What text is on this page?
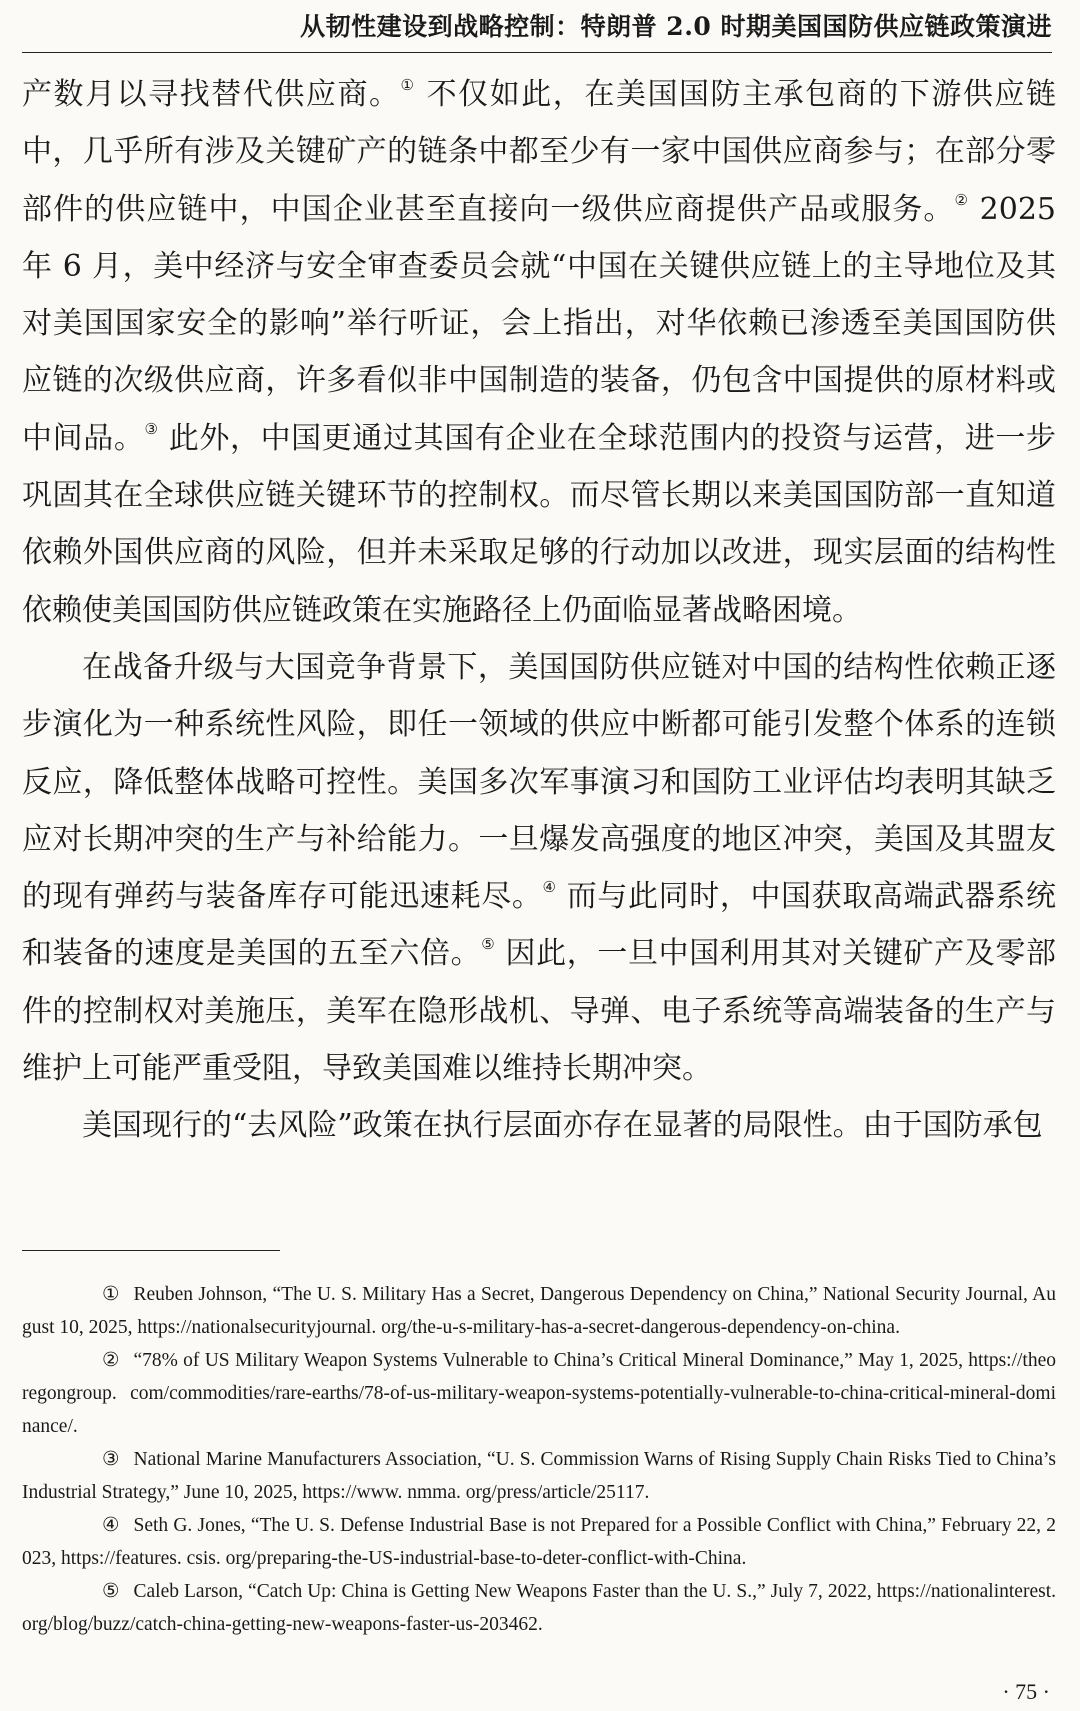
从韧性建设到战略控制：特朗普 2.0 时期美国国防供应链政策演进

产数月以寻找替代供应商。① 不仅如此，在美国国防主承包商的下游供应链中，几乎所有涉及关键矿产的链条中都至少有一家中国供应商参与；在部分零部件的供应链中，中国企业甚至直接向一级供应商提供产品或服务。② 2025 年 6 月，美中经济与安全审查委员会就“中国在关键供应链上的主导地位及其对美国国家安全的影响”举行听证，会上指出，对华依赖已渗透至美国国防供应链的次级供应商，许多看似非中国制造的装备，仍包含中国提供的原材料或中间品。③ 此外，中国更通过其国有企业在全球范围内的投资与运营，进一步巩固其在全球供应链关键环节的控制权。而尽管长期以来美国国防部一直知道依赖外国供应商的风险，但并未采取足够的行动加以改进，现实层面的结构性依赖使美国国防供应链政策在实施路径上仍面临显著战略困境。

在战备升级与大国竞争背景下，美国国防供应链对中国的结构性依赖正逐步演化为一种系统性风险，即任一领域的供应中断都可能引发整个体系的连锁反应，降低整体战略可控性。美国多次军事演习和国防工业评估均表明其缺乏应对长期冲突的生产与补给能力。一旦爆发高强度的地区冲突，美国及其盟友的现有弹药与装备库存可能迅速耗尽。④ 而与此同时，中国获取高端武器系统和装备的速度是美国的五至六倍。⑤ 因此，一旦中国利用其对关键矿产及零部件的控制权对美施压，美军在隐形战机、导弹、电子系统等高端装备的生产与维护上可能严重受阻，导致美国难以维持长期冲突。

美国现行的“去风险”政策在执行层面亦存在显著的局限性。由于国防承包

① Reuben Johnson, “The U. S. Military Has a Secret, Dangerous Dependency on China,” National Security Journal, August 10, 2025, https://nationalsecurityjournal. org/the-u-s-military-has-a-secret-dangerous-dependency-on-china.

② “78% of US Military Weapon Systems Vulnerable to China’s Critical Mineral Dominance,” May 1, 2025, https://theoregongroup. com/commodities/rare-earths/78-of-us-military-weapon-systems-potentially-vulnerable-to-china-critical-mineral-dominance/.

③ National Marine Manufacturers Association, “U. S. Commission Warns of Rising Supply Chain Risks Tied to China’s Industrial Strategy,” June 10, 2025, https://www. nmma. org/press/article/25117.

④ Seth G. Jones, “The U. S. Defense Industrial Base is not Prepared for a Possible Conflict with China,” February 22, 2023, https://features. csis. org/preparing-the-US-industrial-base-to-deter-conflict-with-China.

⑤ Caleb Larson, “Catch Up: China is Getting New Weapons Faster than the U. S.,” July 7, 2022, https://nationalinterest. org/blog/buzz/catch-china-getting-new-weapons-faster-us-203462.

· 75 ·
